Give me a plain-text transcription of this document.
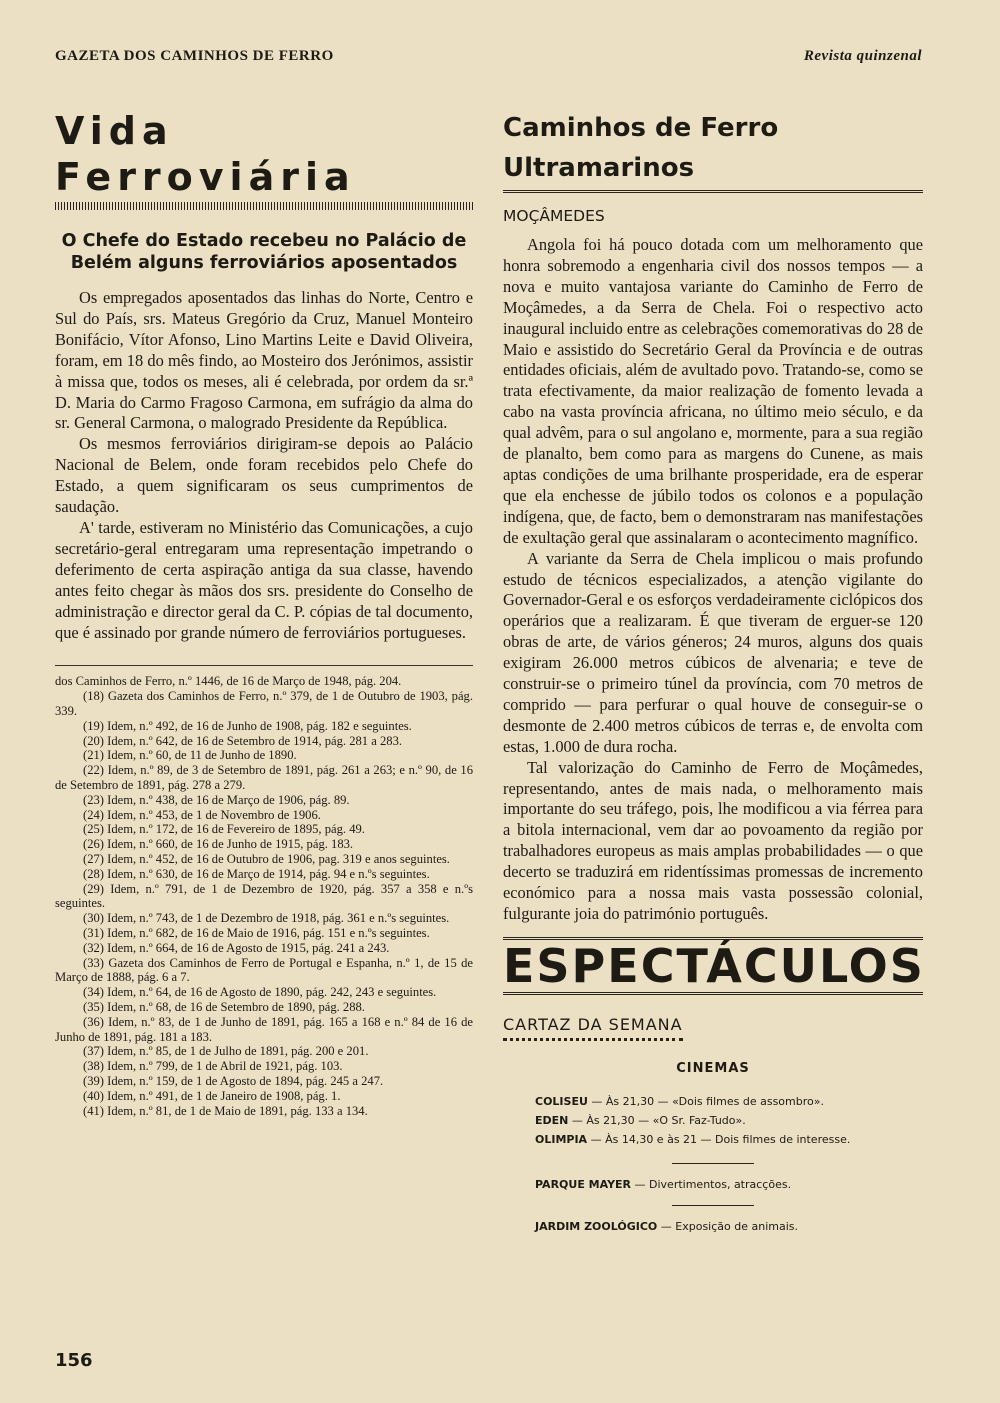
GAZETA DOS CAMINHOS DE FERRO	Revista quinzenal
Vida Ferroviária
O Chefe do Estado recebeu no Palácio de Belém alguns ferroviários aposentados

Os empregados aposentados das linhas do Norte, Centro e Sul do País, srs. Mateus Gregório da Cruz, Manuel Monteiro Bonifácio, Vítor Afonso, Lino Martins Leite e David Oliveira, foram, em 18 do mês findo, ao Mosteiro dos Jerónimos, assistir à missa que, todos os meses, ali é celebrada, por ordem da sr.ª D. Maria do Carmo Fragoso Carmona, em sufrágio da alma do sr. General Carmona, o malogrado Presidente da República.

Os mesmos ferroviários dirigiram-se depois ao Palácio Nacional de Belem, onde foram recebidos pelo Chefe do Estado, a quem significaram os seus cumprimentos de saudação.

A' tarde, estiveram no Ministério das Comunicações, a cujo secretário-geral entregaram uma representação impetrando o deferimento de certa aspiração antiga da sua classe, havendo antes feito chegar às mãos dos srs. presidente do Conselho de administração e director geral da C. P. cópias de tal documento, que é assinado por grande número de ferroviários portugueses.

dos Caminhos de Ferro, n.º 1446, de 16 de Março de 1948, pág. 204.

(18) Gazeta dos Caminhos de Ferro, n.º 379, de 1 de Outubro de 1903, pág. 339.

(19) Idem, n.º 492, de 16 de Junho de 1908, pág. 182 e seguintes.

(20) Idem, n.º 642, de 16 de Setembro de 1914, pág. 281 a 283.

(21) Idem, n.º 60, de 11 de Junho de 1890.

(22) Idem, n.º 89, de 3 de Setembro de 1891, pág. 261 a 263; e n.º 90, de 16 de Setembro de 1891, pág. 278 a 279.

(23) Idem, n.º 438, de 16 de Março de 1906, pág. 89.

(24) Idem, n.º 453, de 1 de Novembro de 1906.

(25) Idem, n.º 172, de 16 de Fevereiro de 1895, pág. 49.

(26) Idem, n.º 660, de 16 de Junho de 1915, pág. 183.

(27) Idem, n.º 452, de 16 de Outubro de 1906, pag. 319 e anos seguintes.

(28) Idem, n.º 630, de 16 de Março de 1914, pág. 94 e n.ºs seguintes.

(29) Idem, n.º 791, de 1 de Dezembro de 1920, pág. 357 a 358 e n.ºs seguintes.

(30) Idem, n.º 743, de 1 de Dezembro de 1918, pág. 361 e n.ºs seguintes.

(31) Idem, n.º 682, de 16 de Maio de 1916, pág. 151 e n.ºs seguintes.

(32) Idem, n.º 664, de 16 de Agosto de 1915, pág. 241 a 243.

(33) Gazeta dos Caminhos de Ferro de Portugal e Espanha, n.º 1, de 15 de Março de 1888, pág. 6 a 7.

(34) Idem, n.º 64, de 16 de Agosto de 1890, pág. 242, 243 e seguintes.

(35) Idem, n.º 68, de 16 de Setembro de 1890, pág. 288.

(36) Idem, n.º 83, de 1 de Junho de 1891, pág. 165 a 168 e n.º 84 de 16 de Junho de 1891, pág. 181 a 183.

(37) Idem, n.º 85, de 1 de Julho de 1891, pág. 200 e 201.

(38) Idem, n.º 799, de 1 de Abril de 1921, pág. 103.

(39) Idem, n.º 159, de 1 de Agosto de 1894, pág. 245 a 247.

(40) Idem, n.º 491, de 1 de Janeiro de 1908, pág. 1.

(41) Idem, n.º 81, de 1 de Maio de 1891, pág. 133 a 134.

Caminhos de Ferro Ultramarinos
MOÇÂMEDES

Angola foi há pouco dotada com um melhoramento que honra sobremodo a engenharia civil dos nossos tempos — a nova e muito vantajosa variante do Caminho de Ferro de Moçâmedes, a da Serra de Chela. Foi o respectivo acto inaugural incluido entre as celebrações comemorativas do 28 de Maio e assistido do Secretário Geral da Província e de outras entidades oficiais, além de avultado povo. Tratando-se, como se trata efectivamente, da maior realização de fomento levada a cabo na vasta província africana, no último meio século, e da qual advêm, para o sul angolano e, mormente, para a sua região de planalto, bem como para as margens do Cunene, as mais aptas condições de uma brilhante prosperidade, era de esperar que ela enchesse de júbilo todos os colonos e a população indígena, que, de facto, bem o demonstraram nas manifestações de exultação geral que assinalaram o acontecimento magnífico.

A variante da Serra de Chela implicou o mais profundo estudo de técnicos especializados, a atenção vigilante do Governador-Geral e os esforços verdadeiramente ciclópicos dos operários que a realizaram. É que tiveram de erguer-se 120 obras de arte, de vários géneros; 24 muros, alguns dos quais exigiram 26.000 metros cúbicos de alvenaria; e teve de construir-se o primeiro túnel da província, com 70 metros de comprido — para perfurar o qual houve de conseguir-se o desmonte de 2.400 metros cúbicos de terras e, de envolta com estas, 1.000 de dura rocha.

Tal valorização do Caminho de Ferro de Moçâmedes, representando, antes de mais nada, o melhoramento mais importante do seu tráfego, pois, lhe modificou a via férrea para a bitola internacional, vem dar ao povoamento da região por trabalhadores europeus as mais amplas probabilidades — o que decerto se traduzirá em ridentíssimas promessas de incremento económico para a nossa mais vasta possessão colonial, fulgurante joia do património português.

ESPECTÁCULOS
CARTAZ DA SEMANA
CINEMAS
COLISEU — Às 21,30 — «Dois filmes de assombro».
EDEN — Às 21,30 — «O Sr. Faz-Tudo».
OLIMPIA — Às 14,30 e às 21 — Dois filmes de interesse.
PARQUE MAYER — Divertimentos, atracções.
JARDIM ZOOLÓGICO — Exposição de animais.
156
